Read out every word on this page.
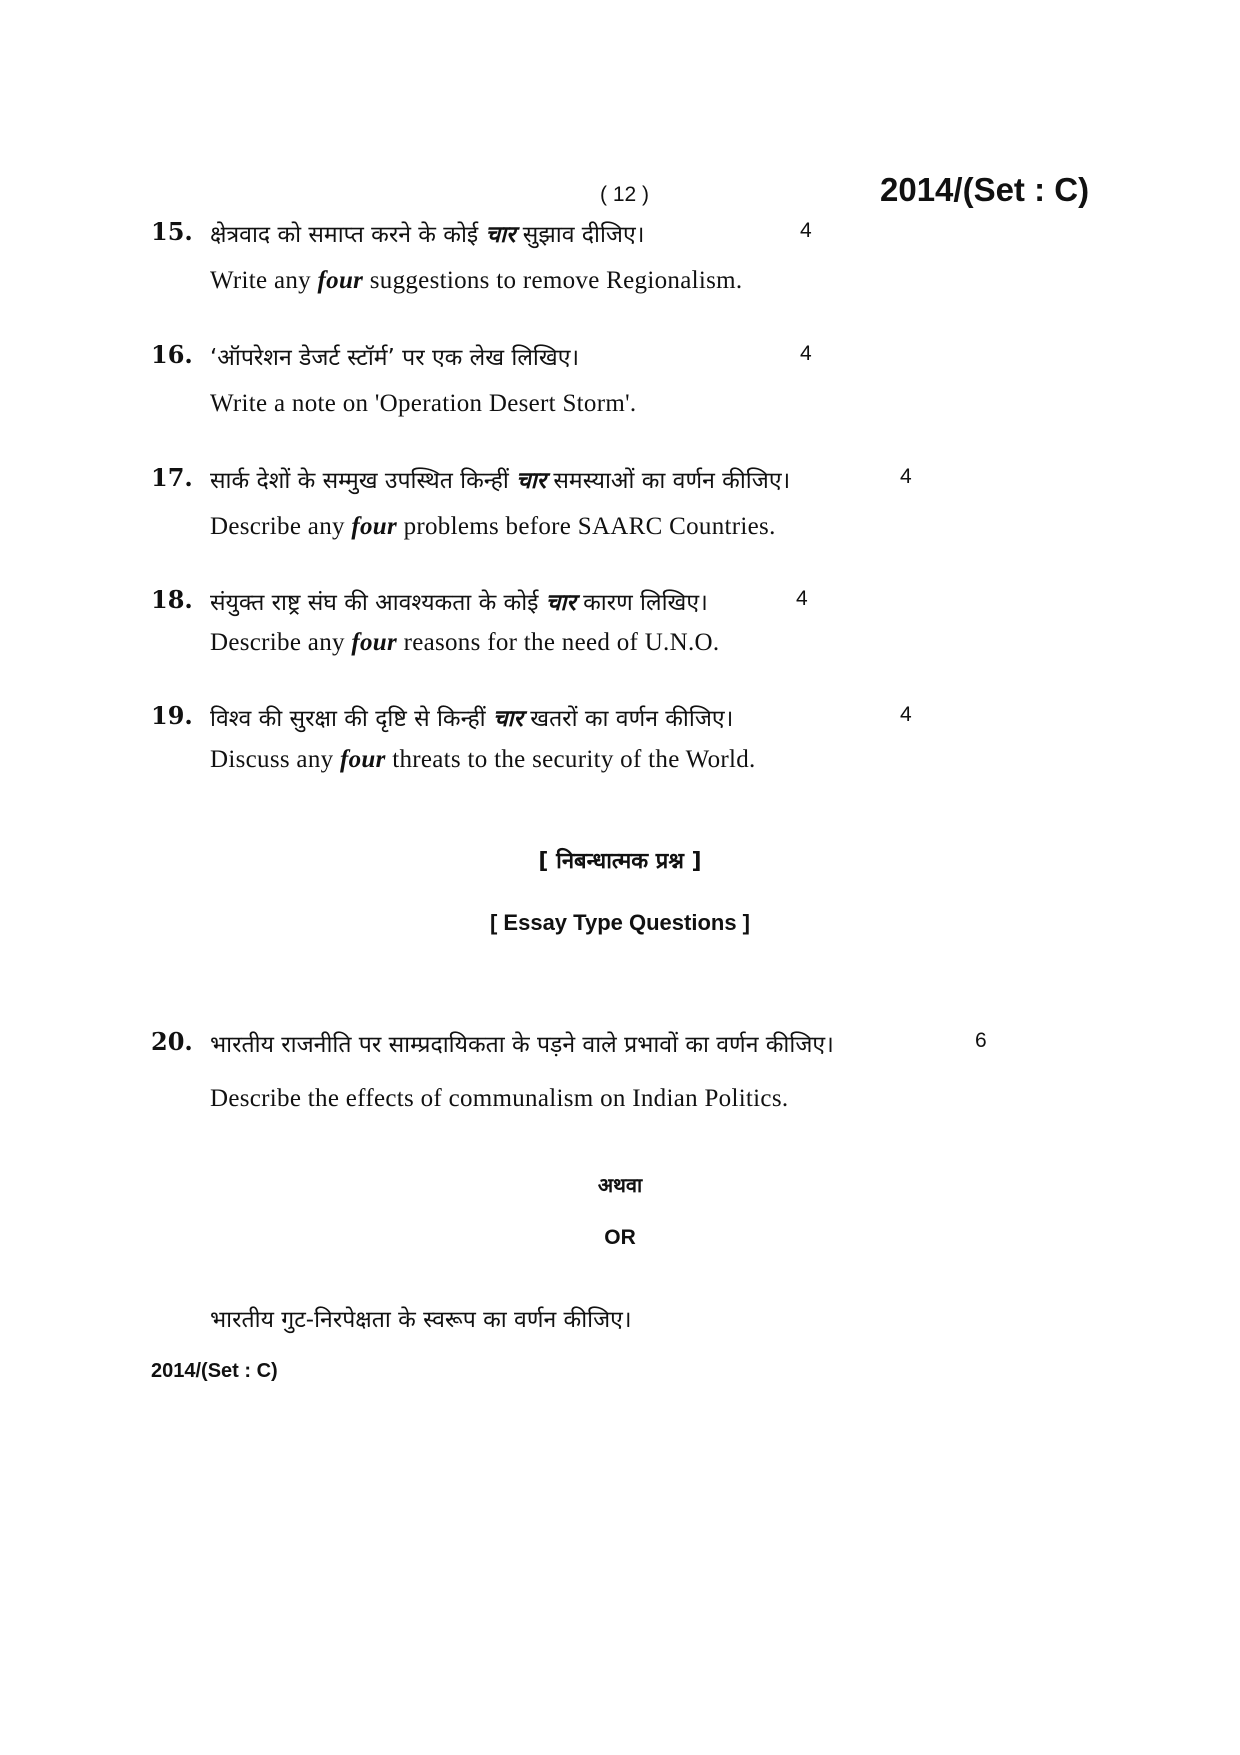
( 12 )	2014/(Set : C)
15. क्षेत्रवाद को समाप्त करने के कोई चार सुझाव दीजिए।	4
Write any four suggestions to remove Regionalism.
16. ‘ऑपरेशन डेजर्ट स्टॉर्म’ पर एक लेख लिखिए।	4
Write a note on 'Operation Desert Storm'.
17. सार्क देशों के सम्मुख उपस्थित किन्हीं चार समस्याओं का वर्णन कीजिए।	4
Describe any four problems before SAARC Countries.
18. संयुक्त राष्ट्र संघ की आवश्यकता के कोई चार कारण लिखिए।	4
Describe any four reasons for the need of U.N.O.
19. विश्व की सुरक्षा की दृष्टि से किन्हीं चार खतरों का वर्णन कीजिए।	4
Discuss any four threats to the security of the World.
[ निबन्धात्मक प्रश्न ]
[ Essay Type Questions ]
20. भारतीय राजनीति पर साम्प्रदायिकता के पड़ने वाले प्रभावों का वर्णन कीजिए।	6
Describe the effects of communalism on Indian Politics.
अथवा
OR
भारतीय गुट-निरपेक्षता के स्वरूप का वर्णन कीजिए।
2014/(Set : C)
